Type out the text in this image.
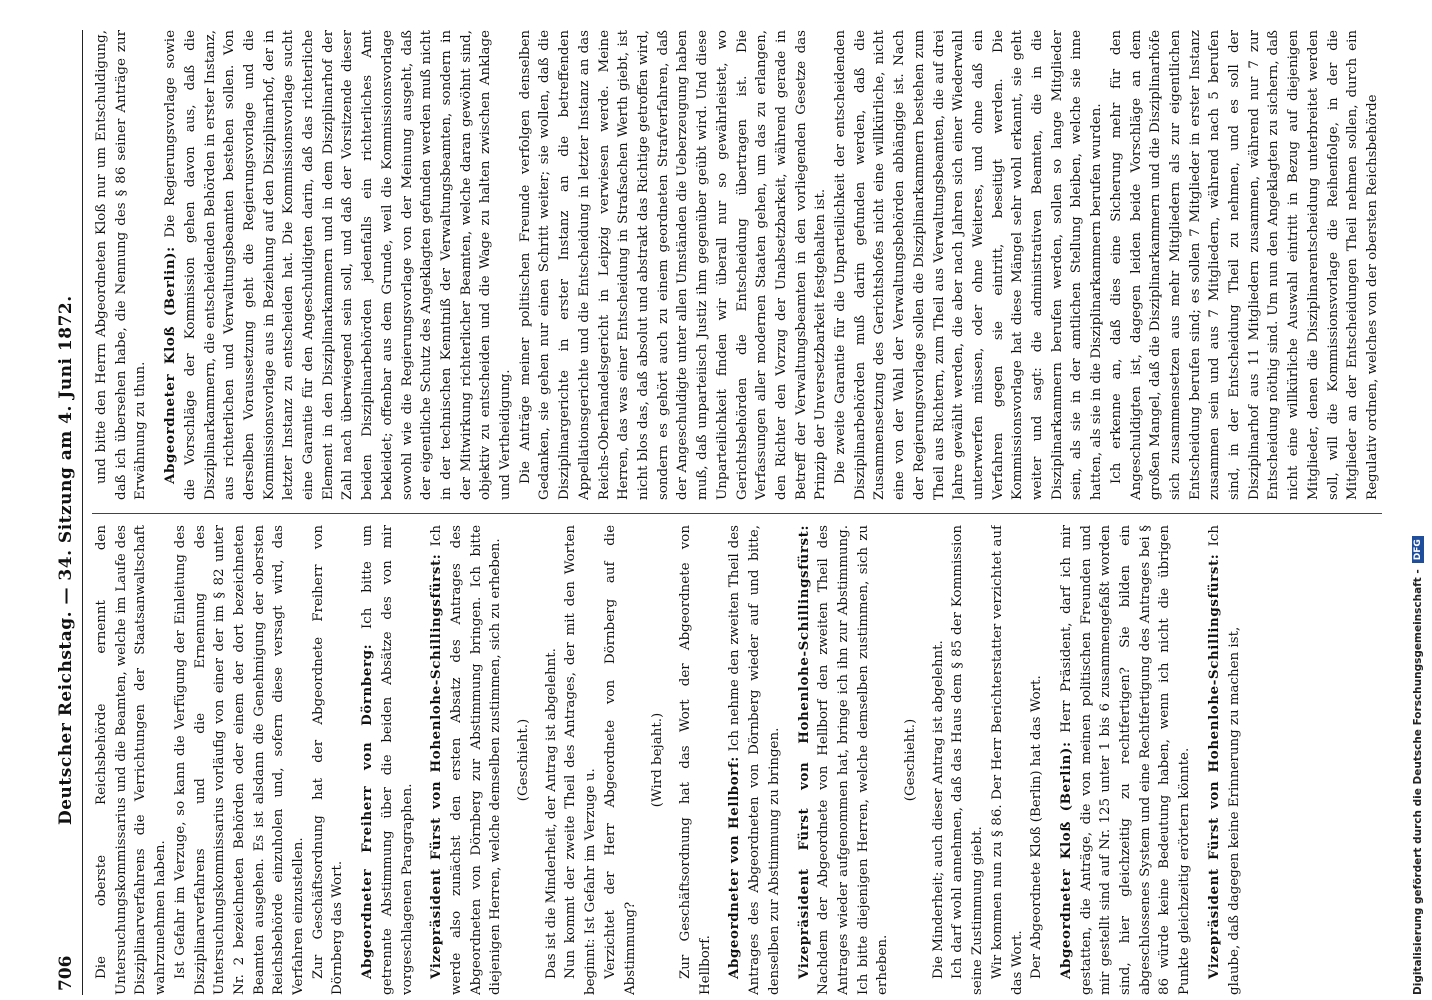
706
Deutscher Reichstag. — 34. Sitzung am 4. Juni 1872. Die oberste Reichsbehörde ernennt den Untersuchungskommissarius und die Beamten, welche im Laufe des Disziplinarverfahrens die Verrichtungen der Staatsanwaltschaft wahrzunehmen haben. Ist Gefahr im Verzuge, so kann die Verfügung der Einleitung des Disziplinarverfahrens und die Ernennung des Untersuchungskommissarius vorläufig von einer der im § 82 unter Nr. 2 bezeichneten Behörden oder einem der dort bezeichneten Beamten ausgehen. Es ist alsdann die Genehmigung der obersten Reichsbehörde einzuholen und, sofern diese versagt wird, das Verfahren einzustellen. Zur Geschäftsordnung hat der Abgeordnete Freiherr von Dörnberg das Wort. Abgeordneter Freiherr von Dörnberg: Ich bitte um getrennte Abstimmung über die beiden Absätze des von mir vorgeschlagenen Paragraphen. Vizepräsident Fürst von Hohenlohe-Schillingsfürst: Ich werde also zunächst den ersten Absatz des Antrages des Abgeordneten von Dörnberg zur Abstimmung bringen. Ich bitte diejenigen Herren, welche demselben zustimmen, sich zu erheben. (Geschieht.) Das ist die Minderheit, der Antrag ist abgelehnt. Nun kommt der zweite Theil des Antrages, der mit den Worten beginnt: Ist Gefahr im Verzuge u. Verzichtet der Herr Abgeordnete von Dörnberg auf die Abstimmung?

(Wird bejaht.) Zur Geschäftsordnung hat das Wort der Abgeordnete von Hellborf. Abgeordneter von Hellborf: Ich nehme den zweiten Theil des Antrages des Abgeordneten von Dörnberg wieder auf und bitte, denselben zur Abstimmung zu bringen. Vizepräsident Fürst von Hohenlohe-Schillingsfürst: Nachdem der Abgeordnete von Hellborf den zweiten Theil des Antrages wieder aufgenommen hat, bringe ich ihn zur Abstimmung. Ich bitte diejenigen Herren, welche demselben zustimmen, sich zu erheben.

(Geschieht.) Die Minderheit; auch dieser Antrag ist abgelehnt. Ich darf wohl annehmen, daß das Haus dem § 85 der Kommission seine Zustimmung giebt. Wir kommen nun zu § 86. Der Herr Berichterstatter verzichtet auf das Wort. Der Abgeordnete Kloß (Berlin) hat das Wort. Abgeordneter Kloß (Berlin): Herr Präsident, darf ich mir gestatten, die Anträge, die von meinen politischen Freunden und mir gestellt sind auf Nr. 125 unter 1 bis 6 zusammengefaßt worden sind, hier gleichzeitig zu rechtfertigen? Sie bilden ein abgeschlossenes System und eine Rechtfertigung des Antrages bei § 86 würde keine Bedeutung haben, wenn ich nicht die übrigen Punkte gleichzeitig erörtern könnte. Vizepräsident Fürst von Hohenlohe-Schillingsfürst: Ich glaube, daß dagegen keine Erinnerung zu machen ist,

und bitte den Herrn Abgeordneten Kloß nur um Entschuldigung, daß ich übersehen habe, die Nennung des § 86 seiner Anträge zur Erwähnung zu thun. Abgeordneter Kloß (Berlin): Die Regierungsvorlage sowie die Vorschläge der Kommission gehen davon aus, daß die Disziplinarkammern, die entscheidenden Behörden in erster Instanz, aus richterlichen und Verwaltungsbeamten bestehen sollen. Von derselben Voraussetzung geht die Regierungsvorlage und die Kommissionsvorlage aus in Beziehung auf den Disziplinarhof, der in letzter Instanz zu entscheiden hat. Die Kommissionsvorlage sucht eine Garantie für den Angeschuldigten darin, daß das richterliche Element in den Disziplinarkammern und in dem Disziplinarhof der Zahl nach überwiegend sein soll, und daß der Vorsitzende dieser beiden Disziplinarbehörden jedenfalls ein richterliches Amt bekleidet; offenbar aus dem Grunde, weil die Kommissionsvorlage sowohl wie die Regierungsvorlage von der Meinung ausgeht, daß der eigentliche Schutz des Angeklagten gefunden werden muß nicht in der technischen Kenntniß der Verwaltungsbeamten, sondern in der Mitwirkung richterlicher Beamten, welche daran gewöhnt sind, objektiv zu entscheiden und die Wage zu halten zwischen Anklage und Vertheidigung. Die Anträge meiner politischen Freunde verfolgen denselben Gedanken, sie gehen nur einen Schritt weiter; sie wollen, daß die Disziplinargerichte in erster Instanz an die betreffenden Appellationsgerichte und die Entscheidung in letzter Instanz an das Reichs-Oberhandelsgericht in Leipzig verwiesen werde. Meine Herren, das was einer Entscheidung in Strafsachen Werth giebt, ist nicht blos das, daß absolut und abstrakt das Richtige getroffen wird, sondern es gehört auch zu einem geordneten Strafverfahren, daß der Angeschuldigte unter allen Umständen die Ueberzeugung haben muß, daß unparteiisch Justiz ihm gegenüber geübt wird. Und diese Unparteilichkeit finden wir überall nur so gewährleistet, wo Gerichtsbehörden die Entscheidung übertragen ist. Die Verfassungen aller modernen Staaten gehen, um das zu erlangen, den Richter den Vorzug der Unabsetzbarkeit, während gerade in Betreff der Verwaltungsbeamten in den vorliegenden Gesetze das Prinzip der Unversetzbarkeit festgehalten ist. Die zweite Garantie für die Unparteilichkeit der entscheidenden Disziplinarbehörden muß darin gefunden werden, daß die Zusammensetzung des Gerichtshofes nicht eine willkürliche, nicht eine von der Wahl der Verwaltungsbehörden abhängige ist. Nach der Regierungsvorlage sollen die Disziplinarkammern bestehen zum Theil aus Richtern, zum Theil aus Verwaltungsbeamten, die auf drei Jahre gewählt werden, die aber nach Jahren sich einer Wiederwahl unterwerfen müssen, oder ohne Weiteres, und ohne daß ein Verfahren gegen sie eintritt, beseitigt werden. Die Kommissionsvorlage hat diese Mängel sehr wohl erkannt, sie geht weiter und sagt: die administrativen Beamten, die in die Disziplinarkammern berufen werden, sollen so lange Mitglieder sein, als sie in der amtlichen Stellung bleiben, welche sie inne hatten, als sie in die Disziplinarkammern berufen wurden. Ich erkenne an, daß dies eine Sicherung mehr für den Angeschuldigten ist, dagegen leiden beide Vorschläge an dem großen Mangel, daß die Disziplinarkammern und die Disziplinarhöfe sich zusammensetzen aus mehr Mitgliedern als zur eigentlichen Entscheidung berufen sind; es sollen 7 Mitglieder in erster Instanz zusammen sein und aus 7 Mitgliedern, während nach 5 berufen sind, in der Entscheidung Theil zu nehmen, und es soll der Disziplinarhof aus 11 Mitgliedern zusammen, während nur 7 zur Entscheidung nöthig sind. Um nun den Angeklagten zu sichern, daß nicht eine willkürliche Auswahl eintritt in Bezug auf diejenigen Mitglieder, denen die Disziplinarentscheidung unterbreitet werden soll, will die Kommissionsvorlage die Reihenfolge, in der die Mitglieder an der Entscheidungen Theil nehmen sollen, durch ein Regulativ ordnen, welches von der obersten Reichsbehörde

Digitalisierung gefördert durch die Deutsche Forschungsgemeinschaft -
DFG
